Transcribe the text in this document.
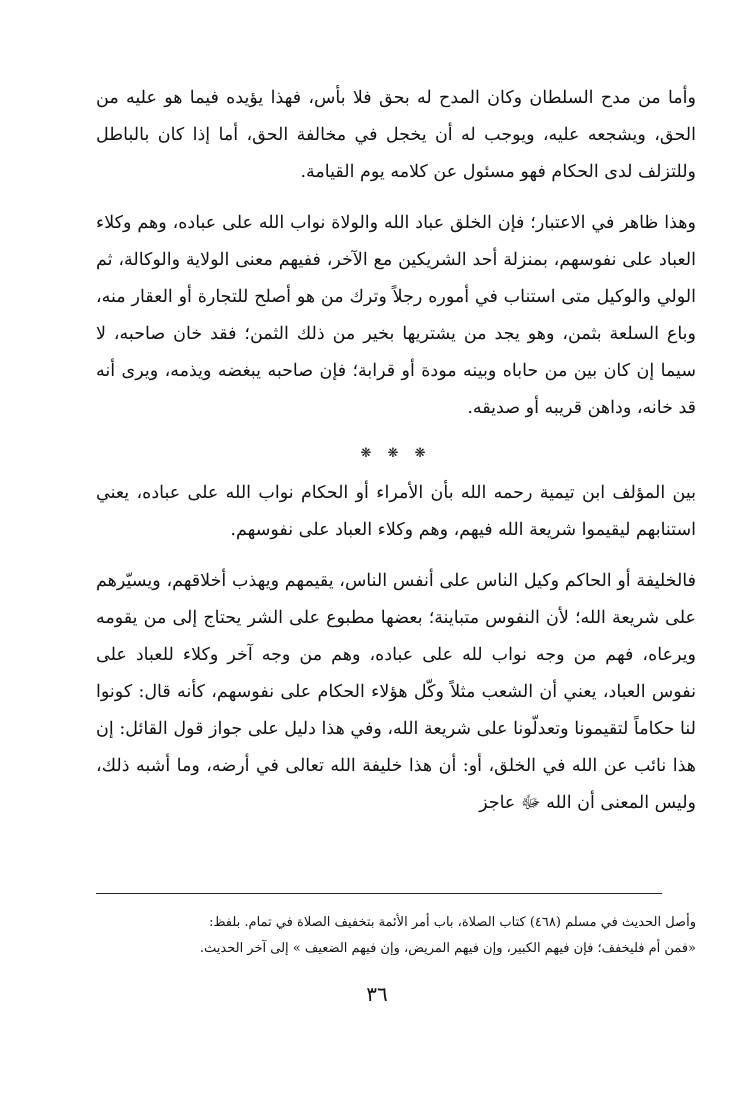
وأما من مدح السلطان وكان المدح له بحق فلا بأس، فهذا يؤيده فيما هو عليه من الحق، ويشجعه عليه، ويوجب له أن يخجل في مخالفة الحق، أما إذا كان بالباطل وللتزلف لدى الحكام فهو مسئول عن كلامه يوم القيامة.

وهذا ظاهر في الاعتبار؛ فإن الخلق عباد الله والولاة نواب الله على عباده، وهم وكلاء العباد على نفوسهم، بمنزلة أحد الشريكين مع الآخر، ففيهم معنى الولاية والوكالة، ثم الولي والوكيل متى استناب في أموره رجلاً وترك من هو أصلح للتجارة أو العقار منه، وباع السلعة بثمن، وهو يجد من يشتريها بخير من ذلك الثمن؛ فقد خان صاحبه، لا سيما إن كان بين من حاباه وبينه مودة أو قرابة؛ فإن صاحبه يبغضه ويذمه، ويرى أنه قد خانه، وداهن قريبه أو صديقه.

❋ ❋ ❋

بين المؤلف ابن تيمية رحمه الله بأن الأمراء أو الحكام نواب الله على عباده، يعني استنابهم ليقيموا شريعة الله فيهم، وهم وكلاء العباد على نفوسهم.

فالخليفة أو الحاكم وكيل الناس على أنفس الناس، يقيمهم ويهذب أخلاقهم، ويسيّرهم على شريعة الله؛ لأن النفوس متباينة؛ بعضها مطبوع على الشر يحتاج إلى من يقومه ويرعاه، فهم من وجه نواب لله على عباده، وهم من وجه آخر وكلاء للعباد على نفوس العباد، يعني أن الشعب مثلاً وكّل هؤلاء الحكام على نفوسهم، كأنه قال: كونوا لنا حكاماً لتقيمونا وتعدلّونا على شريعة الله، وفي هذا دليل على جواز قول القائل: إن هذا نائب عن الله في الخلق، أو: أن هذا خليفة الله تعالى في أرضه، وما أشبه ذلك، وليس المعنى أن الله ﷻ عاجز

وأصل الحديث في مسلم (٤٦٨) كتاب الصلاة، باب أمر الأئمة بتخفيف الصلاة في تمام. بلفظ:

«فمن أم فليخفف؛ فإن فيهم الكبير، وإن فيهم المريض، وإن فيهم الضعيف » إلى آخر الحديث.

٣٦
